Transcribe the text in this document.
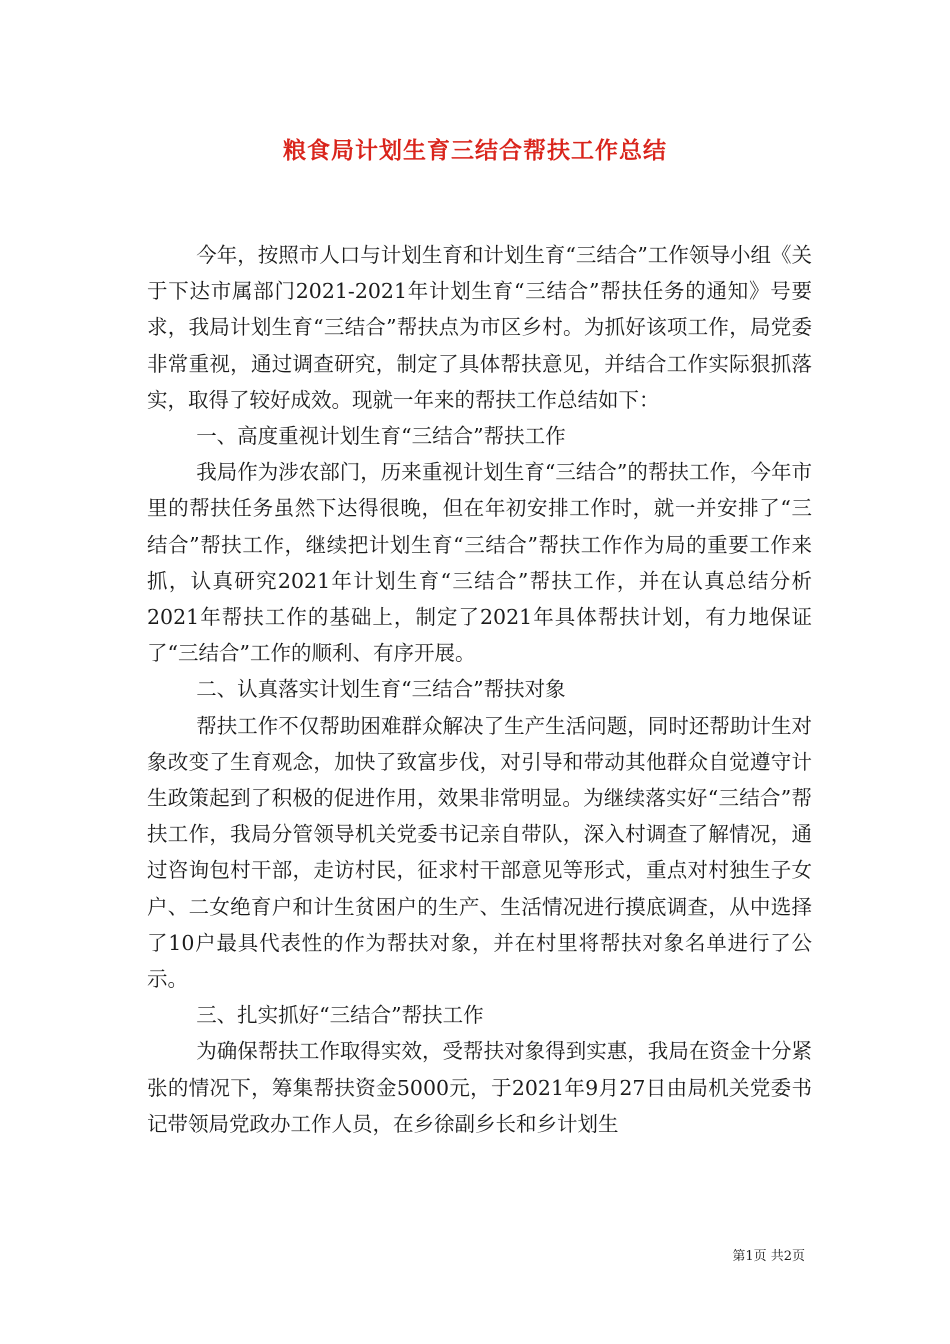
粮食局计划生育三结合帮扶工作总结

今年，按照市人口与计划生育和计划生育“三结合”工作领导小组《关于下达市属部门2021-2021年计划生育“三结合”帮扶任务的通知》号要求，我局计划生育“三结合”帮扶点为市区乡村。为抓好该项工作，局党委非常重视，通过调查研究，制定了具体帮扶意见，并结合工作实际狠抓落实，取得了较好成效。现就一年来的帮扶工作总结如下：

一、高度重视计划生育“三结合”帮扶工作

我局作为涉农部门，历来重视计划生育“三结合”的帮扶工作，今年市里的帮扶任务虽然下达得很晚，但在年初安排工作时，就一并安排了“三结合”帮扶工作，继续把计划生育“三结合”帮扶工作作为局的重要工作来抓，认真研究2021年计划生育“三结合”帮扶工作，并在认真总结分析2021年帮扶工作的基础上，制定了2021年具体帮扶计划，有力地保证了“三结合”工作的顺利、有序开展。

二、认真落实计划生育“三结合”帮扶对象

帮扶工作不仅帮助困难群众解决了生产生活问题，同时还帮助计生对象改变了生育观念，加快了致富步伐，对引导和带动其他群众自觉遵守计生政策起到了积极的促进作用，效果非常明显。为继续落实好“三结合”帮扶工作，我局分管领导机关党委书记亲自带队，深入村调查了解情况，通过咨询包村干部，走访村民，征求村干部意见等形式，重点对村独生子女户、二女绝育户和计生贫困户的生产、生活情况进行摸底调查，从中选择了10户最具代表性的作为帮扶对象，并在村里将帮扶对象名单进行了公示。

三、扎实抓好“三结合”帮扶工作

为确保帮扶工作取得实效，受帮扶对象得到实惠，我局在资金十分紧张的情况下，筹集帮扶资金5000元，于2021年9月27日由局机关党委书记带领局党政办工作人员，在乡徐副乡长和乡计划生

第1页 共2页
